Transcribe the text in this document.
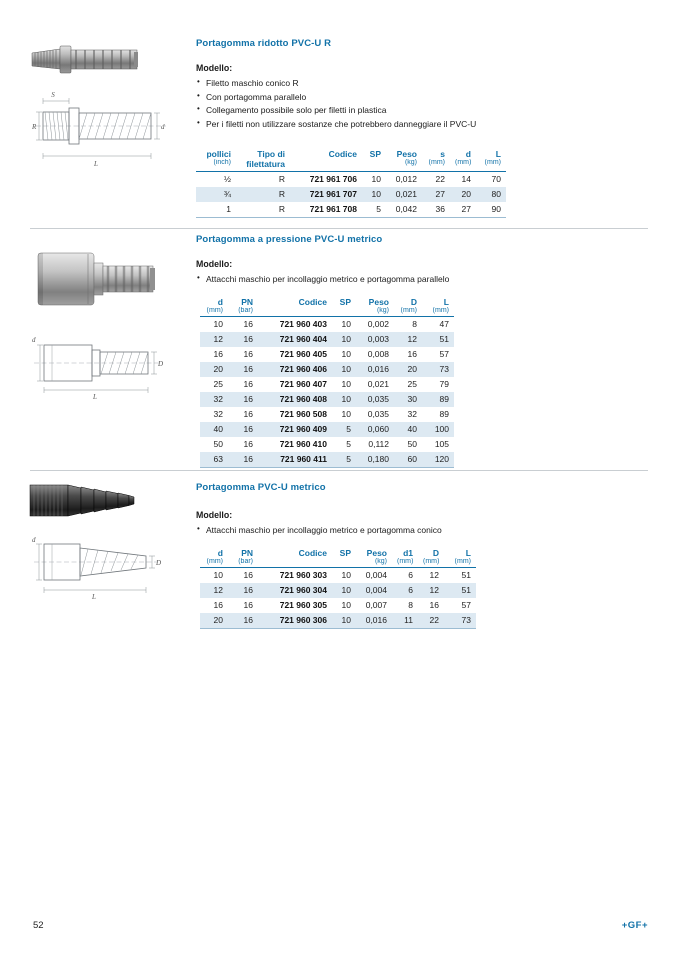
S
R	d
L
Portagomma ridotto PVC-U R
Modello:
• Filetto maschio conico R
• Con portagomma parallelo
• Collegamento possibile solo per filetti in plastica
• Per i filetti non utilizzare sostanze che potrebbero danneggiare il PVC-U
pollici	Tipo di	Codice	SP	Peso	s	d	L
(inch)	filettatura			(kg)	(mm)	(mm)	(mm)
½	R	721 961 706	10	0,012	22	14	70
¾	R	721 961 707	10	0,021	27	20	80
1	R	721 961 708	5	0,042	36	27	90
d
D
L
Portagomma a pressione PVC-U metrico
Modello:
• Attacchi maschio per incollaggio metrico e portagomma parallelo
d	PN	Codice	SP	Peso	D	L
(mm)	(bar)			(kg)	(mm)	(mm)
10	16	721 960 403	10	0,002	8	47
12	16	721 960 404	10	0,003	12	51
16	16	721 960 405	10	0,008	16	57
20	16	721 960 406	10	0,016	20	73
25	16	721 960 407	10	0,021	25	79
32	16	721 960 408	10	0,035	30	89
32	16	721 960 508	10	0,035	32	89
40	16	721 960 409	5	0,060	40	100
50	16	721 960 410	5	0,112	50	105
63	16	721 960 411	5	0,180	60	120
d
D
L
Portagomma PVC-U metrico
Modello:
• Attacchi maschio per incollaggio metrico e portagomma conico
d	PN	Codice	SP	Peso	d1	D	L
(mm)	(bar)			(kg)	(mm)	(mm)	(mm)
10	16	721 960 303	10	0,004	6	12	51
12	16	721 960 304	10	0,004	6	12	51
16	16	721 960 305	10	0,007	8	16	57
20	16	721 960 306	10	0,016	11	22	73
52	+GF+
